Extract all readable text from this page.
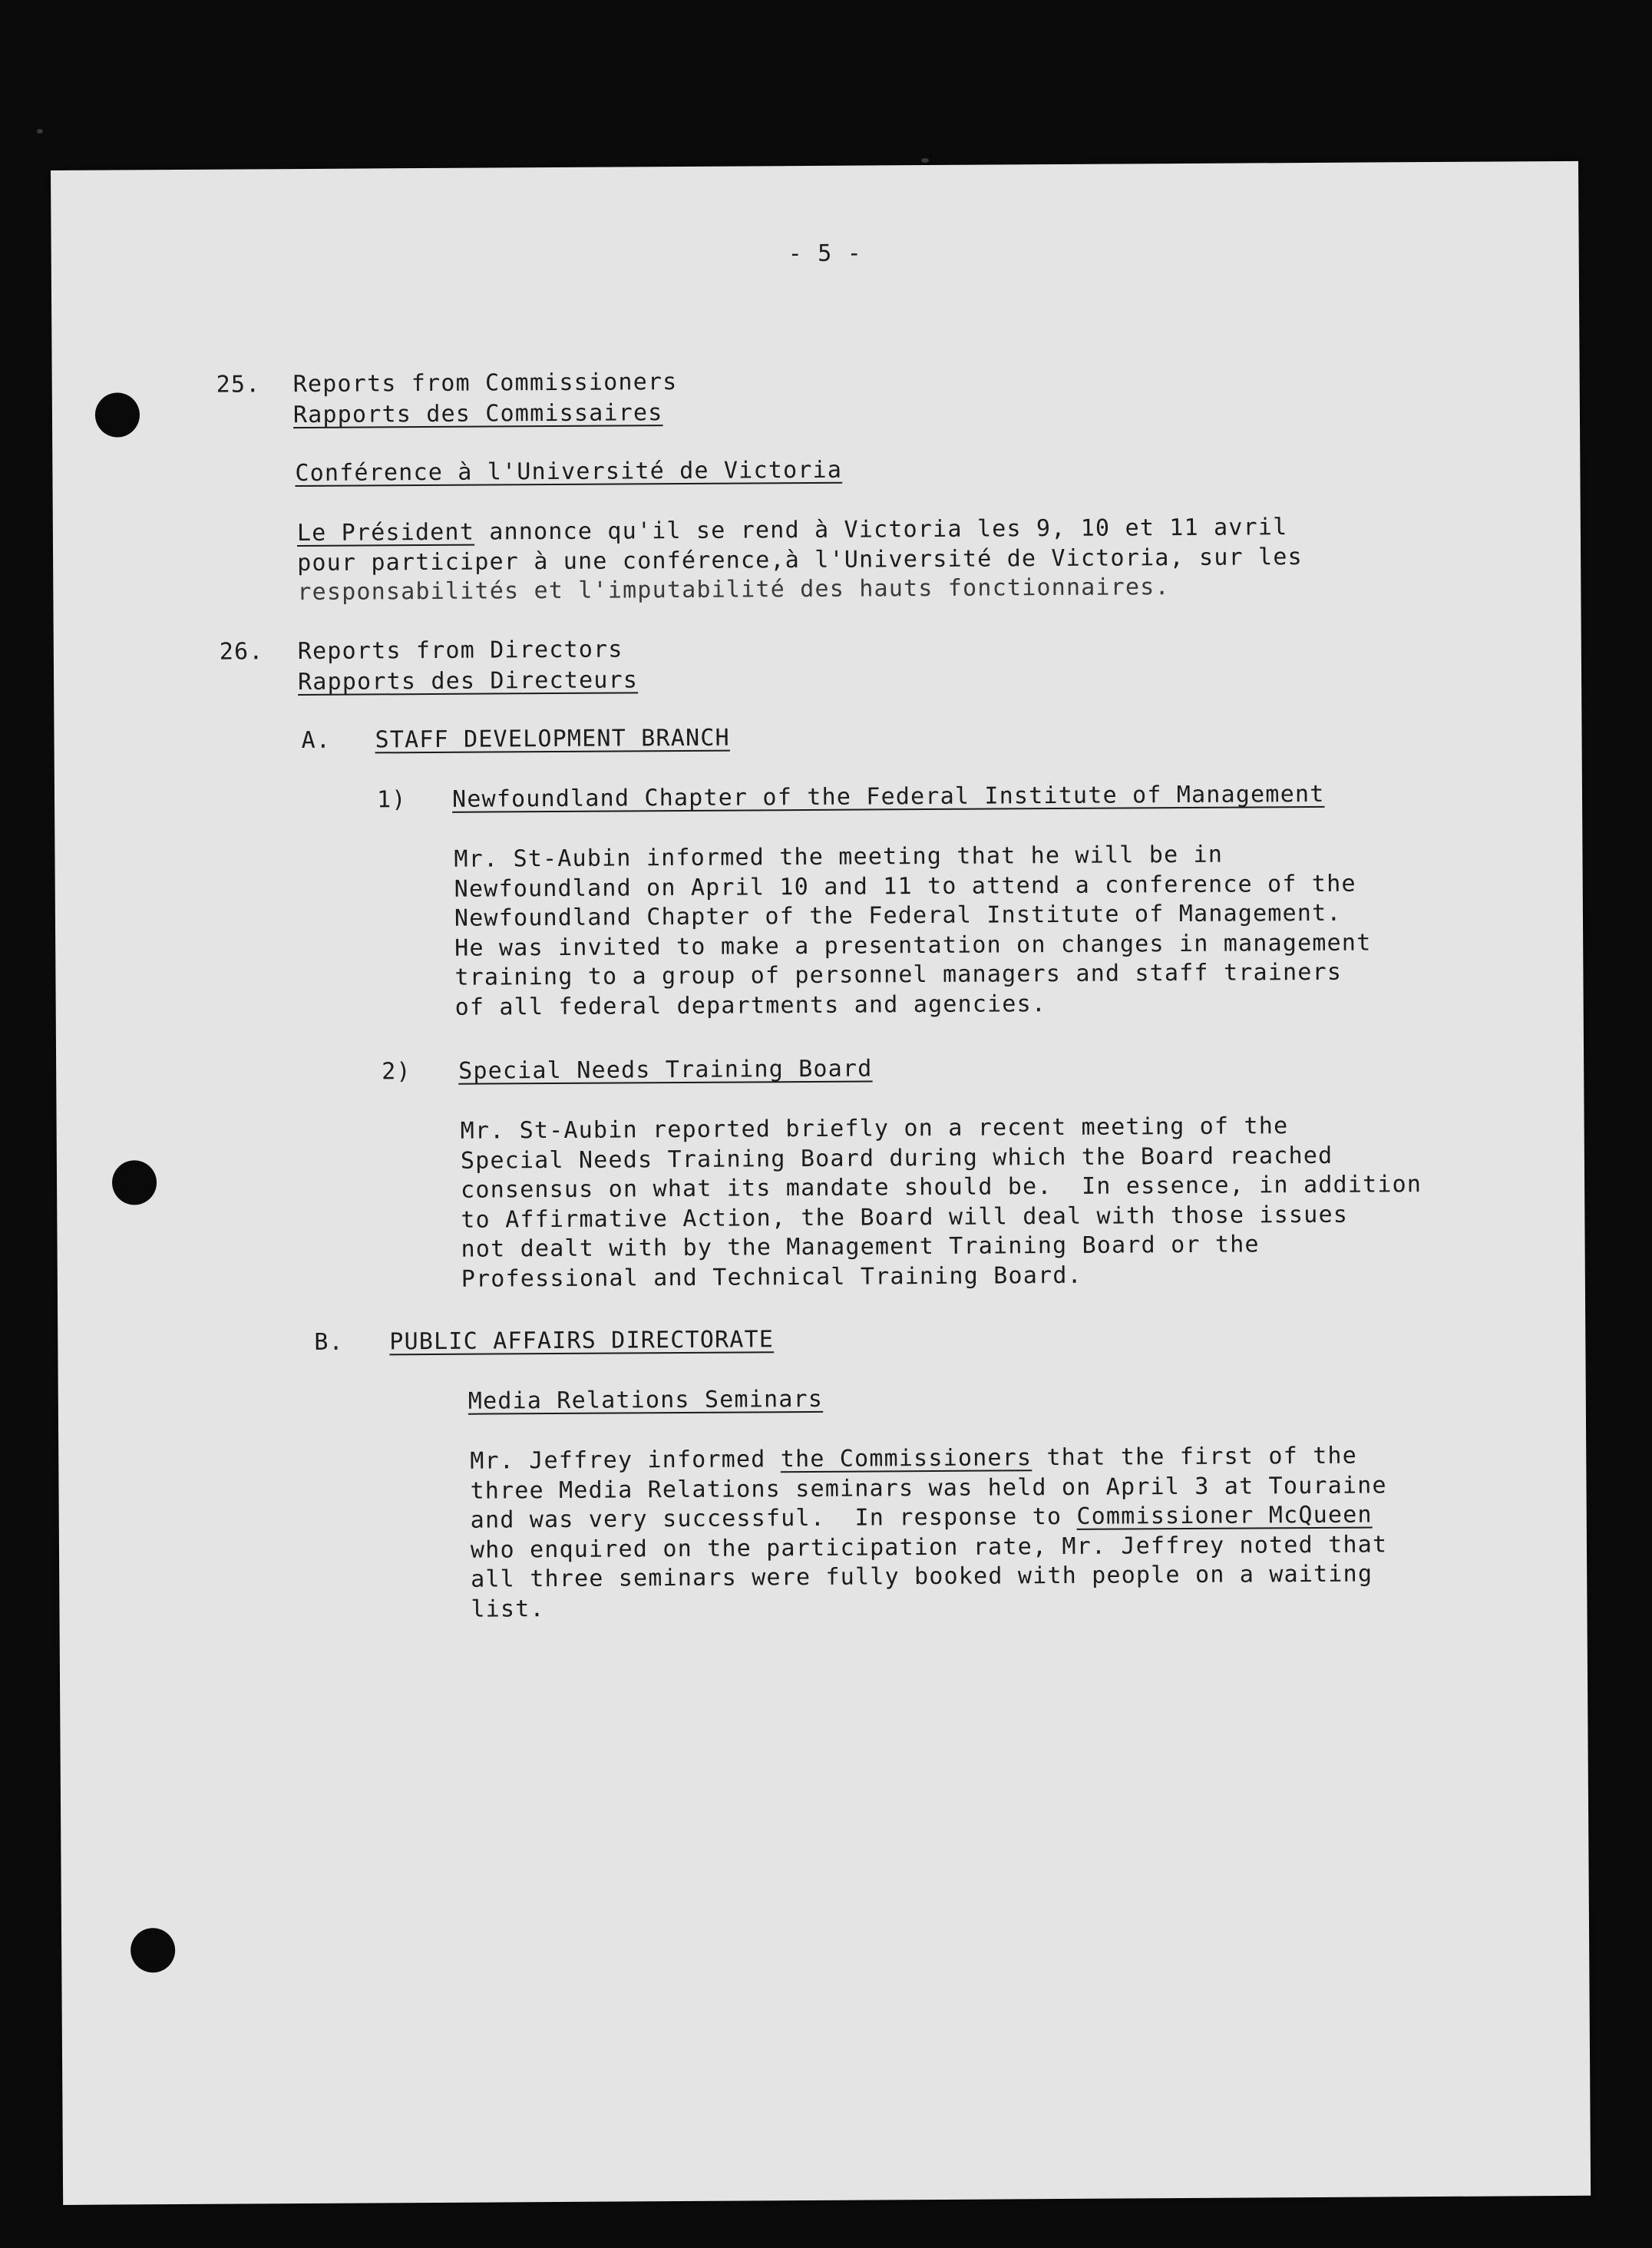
- 5 -
25. Reports from Commissioners
Rapports des Commissaires
Conférence à l'Université de Victoria
Le Président annonce qu'il se rend à Victoria les 9, 10 et 11 avril
pour participer à une conférence,à l'Université de Victoria, sur les
responsabilités et l'imputabilité des hauts fonctionnaires.
26. Reports from Directors
Rapports des Directeurs
A. STAFF DEVELOPMENT BRANCH
1) Newfoundland Chapter of the Federal Institute of Management
Mr. St-Aubin informed the meeting that he will be in
Newfoundland on April 10 and 11 to attend a conference of the
Newfoundland Chapter of the Federal Institute of Management.
He was invited to make a presentation on changes in management
training to a group of personnel managers and staff trainers
of all federal departments and agencies.
2) Special Needs Training Board
Mr. St-Aubin reported briefly on a recent meeting of the
Special Needs Training Board during which the Board reached
consensus on what its mandate should be.  In essence, in addition
to Affirmative Action, the Board will deal with those issues
not dealt with by the Management Training Board or the
Professional and Technical Training Board.
B. PUBLIC AFFAIRS DIRECTORATE
Media Relations Seminars
Mr. Jeffrey informed the Commissioners that the first of the
three Media Relations seminars was held on April 3 at Touraine
and was very successful.  In response to Commissioner McQueen
who enquired on the participation rate, Mr. Jeffrey noted that
all three seminars were fully booked with people on a waiting
list.
